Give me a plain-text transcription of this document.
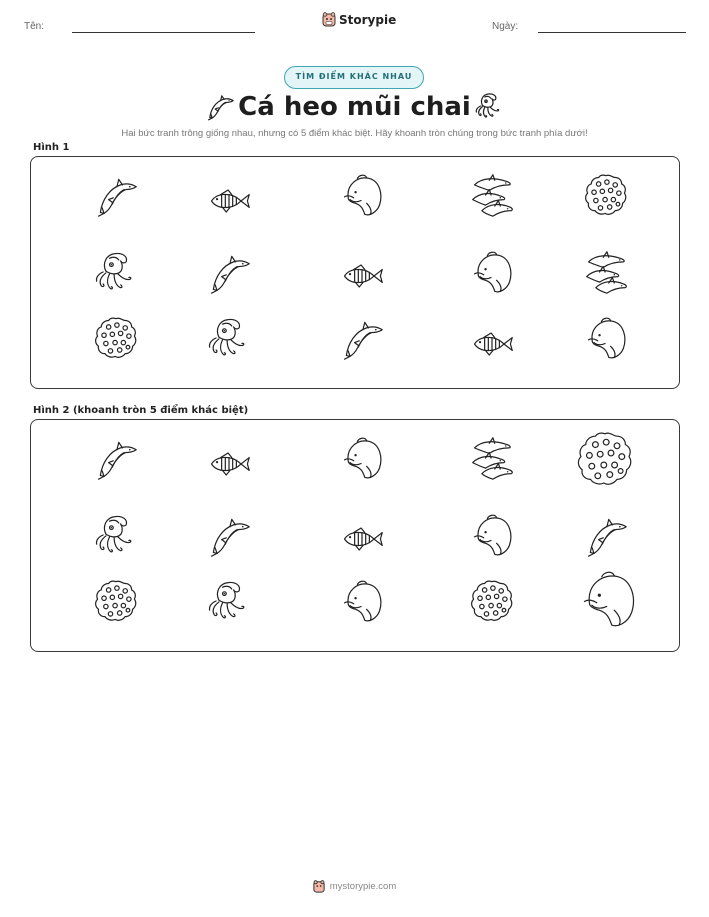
Tên:	Storypie	Ngày:
TÌM ĐIỂM KHÁC NHAU
Cá heo mũi chai
Hai bức tranh trông giống nhau, nhưng có 5 điểm khác biệt. Hãy khoanh tròn chúng trong bức tranh phía dưới!
Hình 1
Hình 2 (khoanh tròn 5 điểm khác biệt)
mystorypie.com
